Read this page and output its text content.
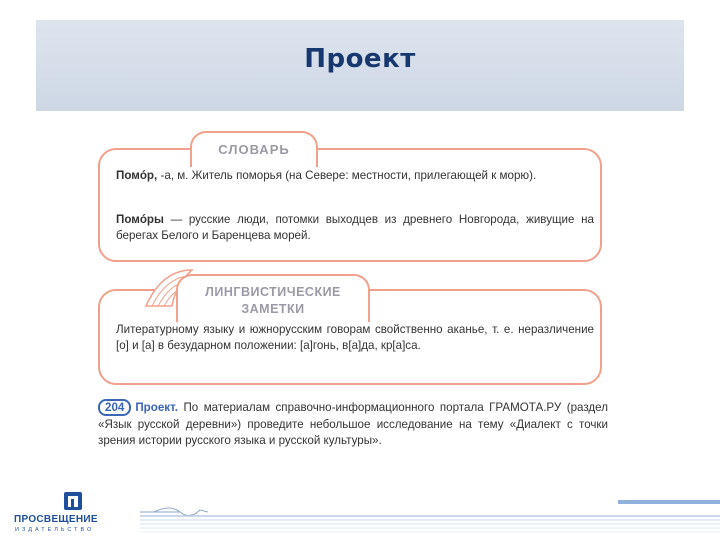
Проект
СЛОВАРЬ
Помóр, -а, м. Житель поморья (на Севере: местности, прилегающей к морю).
Помóры — русские люди, потомки выходцев из древнего Новгорода, живущие на берегах Белого и Баренцева морей.
ЛИНГВИСТИЧЕСКИЕ
ЗАМЕТКИ
Литературному языку и южнорусским говорам свойственно аканье, т. е. неразличение [о] и [а] в безударном положении: [а]гонь, в[а]да, кр[а]са.
204 Проект. По материалам справочно-информационного портала ГРАМОТА.РУ (раздел «Язык русской деревни») проведите небольшое исследование на тему «Диалект с точки зрения истории русского языка и русской культуры».
ПРОСВЕЩЕНИЕ
ИЗДАТЕЛЬСТВО
